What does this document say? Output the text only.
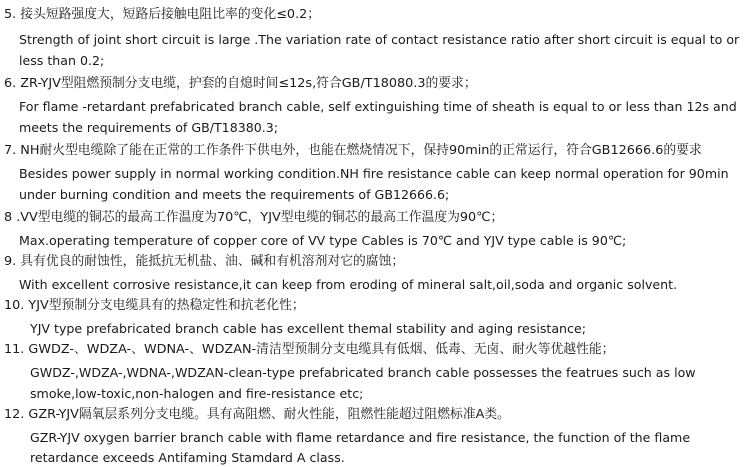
5. 接头短路强度大，短路后接触电阻比率的变化≤0.2；
Strength of joint short circuit is large .The variation rate of contact resistance ratio after short circuit is equal to or
less than 0.2;
6. ZR-YJV型阻燃预制分支电缆，护套的自熄时间≤12s,符合GB/T18080.3的要求；
For flame -retardant prefabricated branch cable, self extinguishing time of sheath is equal to or less than 12s and
meets the requirements of GB/T18380.3;
7. NH耐火型电缆除了能在正常的工作条件下供电外，也能在燃烧情况下，保持90min的正常运行，符合GB12666.6的要求
Besides power supply in normal working condition.NH fire resistance cable can keep normal operation for 90min
under burning condition and meets the requirements of GB12666.6;
8 .VV型电缆的铜芯的最高工作温度为70℃，YJV型电缆的铜芯的最高工作温度为90℃；
Max.operating temperature of copper core of VV type Cables is 70℃ and YJV type cable is 90℃;
9. 具有优良的耐蚀性，能抵抗无机盐、油、碱和有机溶剂对它的腐蚀；
With excellent corrosive resistance,it can keep from eroding of mineral salt,oil,soda and organic solvent.
10. YJV型预制分支电缆具有的热稳定性和抗老化性；
YJV type prefabricated branch cable has excellent themal stability and aging resistance;
11. GWDZ-、WDZA-、WDNA-、WDZAN-清洁型预制分支电缆具有低烟、低毒、无卤、耐火等优越性能；
GWDZ-,WDZA-,WDNA-,WDZAN-clean-type prefabricated branch cable possesses the featrues such as low
smoke,low-toxic,non-halogen and fire-resistance etc;
12. GZR-YJV隔氧层系列分支电缆。具有高阻燃、耐火性能，阻燃性能超过阻燃标准A类。
GZR-YJV oxygen barrier branch cable with flame retardance and fire resistance, the function of the flame
retardance exceeds Antifaming Stamdard A class.
